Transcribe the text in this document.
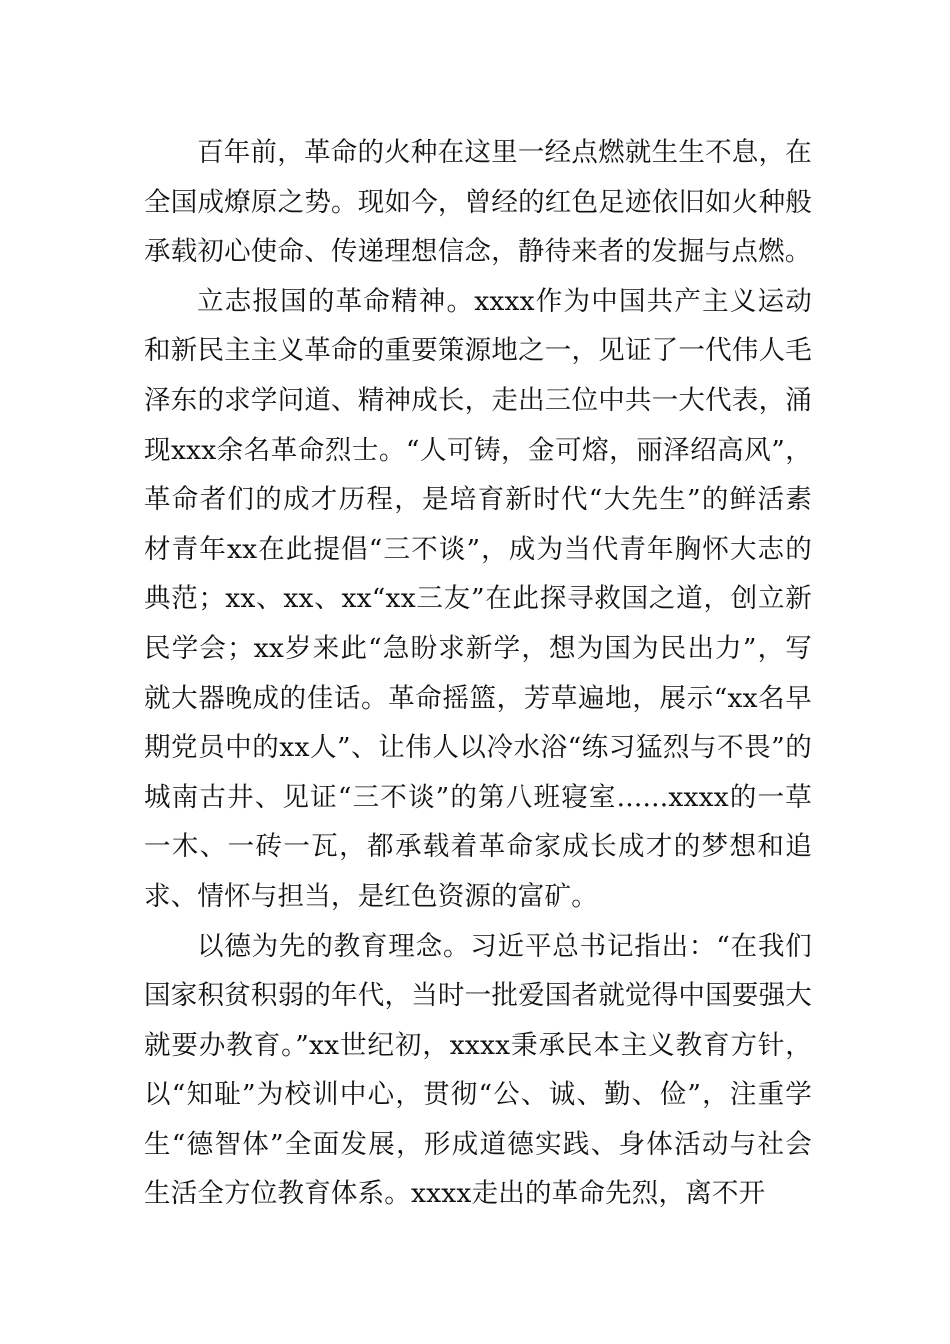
百年前，革命的火种在这里一经点燃就生生不息，在全国成燎原之势。现如今，曾经的红色足迹依旧如火种般承载初心使命、传递理想信念，静待来者的发掘与点燃。

立志报国的革命精神。xxxx作为中国共产主义运动和新民主主义革命的重要策源地之一，见证了一代伟人毛泽东的求学问道、精神成长，走出三位中共一大代表，涌现xxx余名革命烈士。“人可铸，金可熔，丽泽绍高风”，革命者们的成才历程，是培育新时代“大先生”的鲜活素材青年xx在此提倡“三不谈”，成为当代青年胸怀大志的典范；xx、xx、xx“xx三友”在此探寻救国之道，创立新民学会；xx岁来此“急盼求新学，想为国为民出力”，写就大器晚成的佳话。革命摇篮，芳草遍地，展示“xx名早期党员中的xx人”、让伟人以冷水浴“练习猛烈与不畏”的城南古井、见证“三不谈”的第八班寝室......xxxx的一草一木、一砖一瓦，都承载着革命家成长成才的梦想和追求、情怀与担当，是红色资源的富矿。

以德为先的教育理念。习近平总书记指出：“在我们国家积贫积弱的年代，当时一批爱国者就觉得中国要强大就要办教育。”xx世纪初，xxxx秉承民本主义教育方针，以“知耻”为校训中心，贯彻“公、诚、勤、俭”，注重学生“德智体”全面发展，形成道德实践、身体活动与社会生活全方位教育体系。xxxx走出的革命先烈，离不开
